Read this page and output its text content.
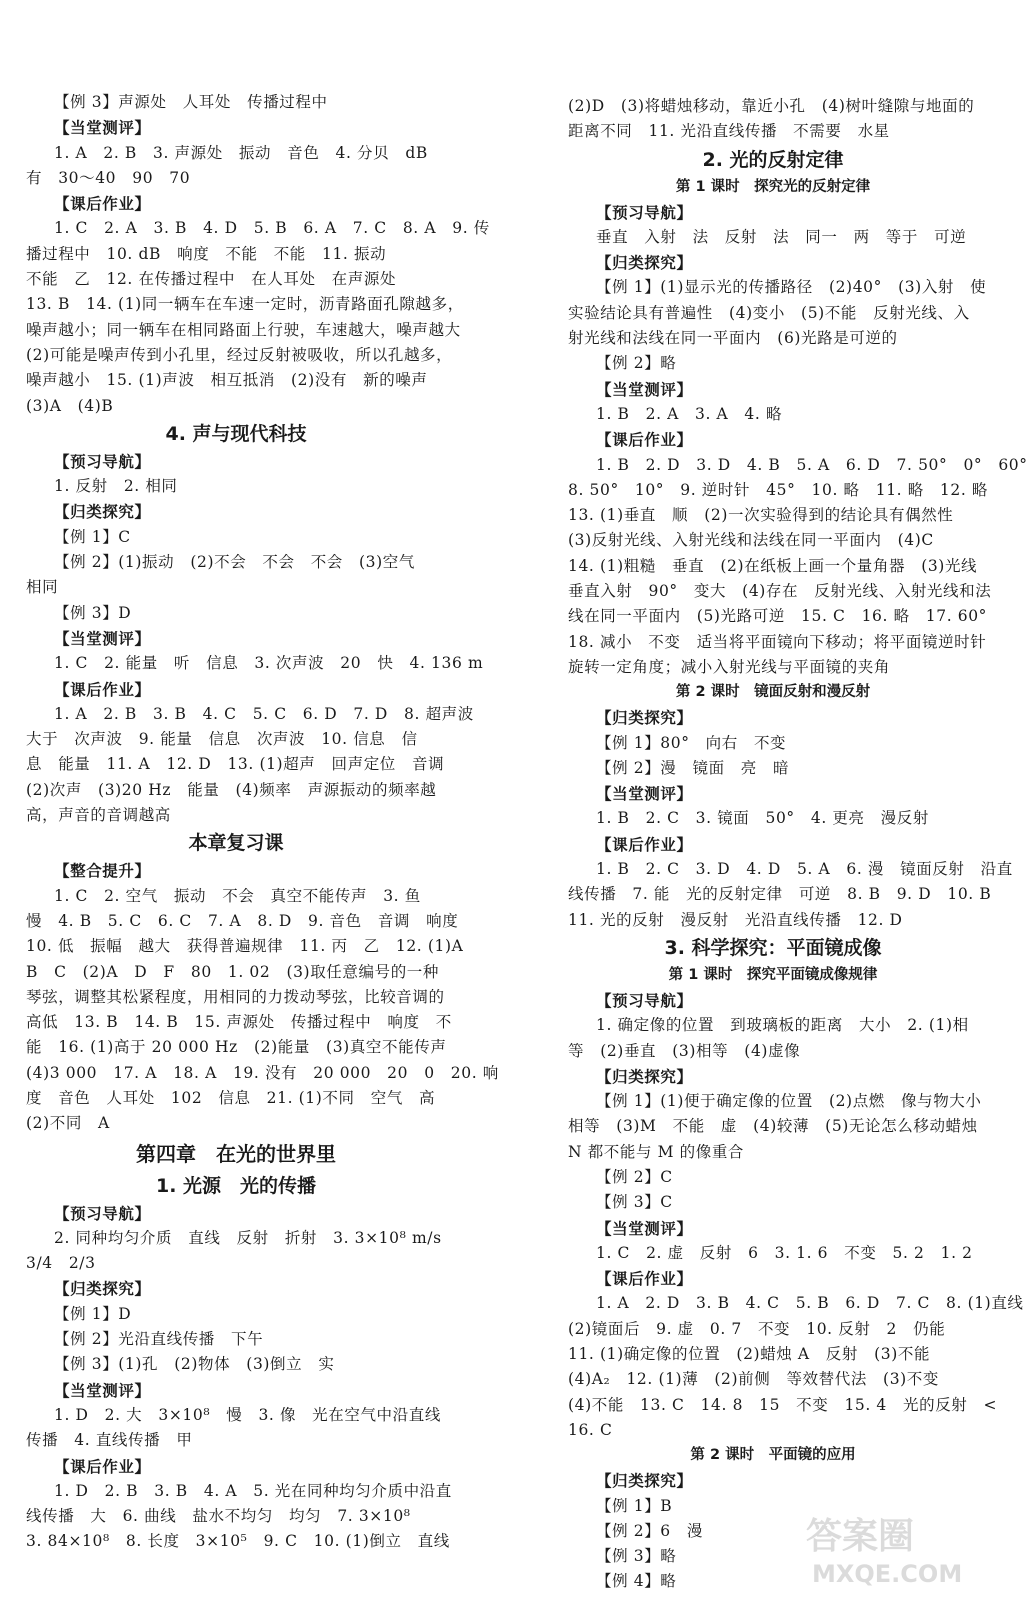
【例 3】声源处　人耳处　传播过程中
【当堂测评】
1. A　2. B　3. 声源处　振动　音色　4. 分贝　dB
有　30～40　90　70
【课后作业】
1. C　2. A　3. B　4. D　5. B　6. A　7. C　8. A　9. 传
播过程中　10. dB　响度　不能　不能　11. 振动
不能　乙　12. 在传播过程中　在人耳处　在声源处
13. B　14. (1)同一辆车在车速一定时，沥青路面孔隙越多，
噪声越小；同一辆车在相同路面上行驶，车速越大，噪声越大
(2)可能是噪声传到小孔里，经过反射被吸收，所以孔越多，
噪声越小　15. (1)声波　相互抵消　(2)没有　新的噪声
(3)A　(4)B
4. 声与现代科技
【预习导航】
1. 反射　2. 相同
【归类探究】
【例 1】C
【例 2】(1)振动　(2)不会　不会　不会　(3)空气
相同
【例 3】D
【当堂测评】
1. C　2. 能量　听　信息　3. 次声波　20　快　4. 136 m
【课后作业】
1. A　2. B　3. B　4. C　5. C　6. D　7. D　8. 超声波
大于　次声波　9. 能量　信息　次声波　10. 信息　信
息　能量　11. A　12. D　13. (1)超声　回声定位　音调
(2)次声　(3)20 Hz　能量　(4)频率　声源振动的频率越
高，声音的音调越高
本章复习课
【整合提升】
1. C　2. 空气　振动　不会　真空不能传声　3. 鱼
慢　4. B　5. C　6. C　7. A　8. D　9. 音色　音调　响度
10. 低　振幅　越大　获得普遍规律　11. 丙　乙　12. (1)A
B　C　(2)A　D　F　80　1. 02　(3)取任意编号的一种
琴弦，调整其松紧程度，用相同的力拨动琴弦，比较音调的
高低　13. B　14. B　15. 声源处　传播过程中　响度　不
能　16. (1)高于 20 000 Hz　(2)能量　(3)真空不能传声
(4)3 000　17. A　18. A　19. 没有　20 000　20　0　20. 响
度　音色　人耳处　102　信息　21. (1)不同　空气　高
(2)不同　A
第四章　在光的世界里
1. 光源　光的传播
【预习导航】
2. 同种均匀介质　直线　反射　折射　3. 3×10⁸ m/s
3/4　2/3
【归类探究】
【例 1】D
【例 2】光沿直线传播　下午
【例 3】(1)孔　(2)物体　(3)倒立　实
【当堂测评】
1. D　2. 大　3×10⁸　慢　3. 像　光在空气中沿直线
传播　4. 直线传播　甲
【课后作业】
1. D　2. B　3. B　4. A　5. 光在同种均匀介质中沿直
线传播　大　6. 曲线　盐水不均匀　均匀　7. 3×10⁸
3. 84×10⁸　8. 长度　3×10⁵　9. C　10. (1)倒立　直线
(2)D　(3)将蜡烛移动，靠近小孔　(4)树叶缝隙与地面的
距离不同　11. 光沿直线传播　不需要　水星
2. 光的反射定律
第 1 课时　探究光的反射定律
【预习导航】
垂直　入射　法　反射　法　同一　两　等于　可逆
【归类探究】
【例 1】(1)显示光的传播路径　(2)40°　(3)入射　使
实验结论具有普遍性　(4)变小　(5)不能　反射光线、入
射光线和法线在同一平面内　(6)光路是可逆的
【例 2】略
【当堂测评】
1. B　2. A　3. A　4. 略
【课后作业】
1. B　2. D　3. D　4. B　5. A　6. D　7. 50°　0°　60°
8. 50°　10°　9. 逆时针　45°　10. 略　11. 略　12. 略
13. (1)垂直　顺　(2)一次实验得到的结论具有偶然性
(3)反射光线、入射光线和法线在同一平面内　(4)C
14. (1)粗糙　垂直　(2)在纸板上画一个量角器　(3)光线
垂直入射　90°　变大　(4)存在　反射光线、入射光线和法
线在同一平面内　(5)光路可逆　15. C　16. 略　17. 60°
18. 减小　不变　适当将平面镜向下移动；将平面镜逆时针
旋转一定角度；减小入射光线与平面镜的夹角
第 2 课时　镜面反射和漫反射
【归类探究】
【例 1】80°　向右　不变
【例 2】漫　镜面　亮　暗
【当堂测评】
1. B　2. C　3. 镜面　50°　4. 更亮　漫反射
【课后作业】
1. B　2. C　3. D　4. D　5. A　6. 漫　镜面反射　沿直
线传播　7. 能　光的反射定律　可逆　8. B　9. D　10. B
11. 光的反射　漫反射　光沿直线传播　12. D
3. 科学探究：平面镜成像
第 1 课时　探究平面镜成像规律
【预习导航】
1. 确定像的位置　到玻璃板的距离　大小　2. (1)相
等　(2)垂直　(3)相等　(4)虚像
【归类探究】
【例 1】(1)便于确定像的位置　(2)点燃　像与物大小
相等　(3)M　不能　虚　(4)较薄　(5)无论怎么移动蜡烛
N 都不能与 M 的像重合
【例 2】C
【例 3】C
【当堂测评】
1. C　2. 虚　反射　6　3. 1. 6　不变　5. 2　1. 2
【课后作业】
1. A　2. D　3. B　4. C　5. B　6. D　7. C　8. (1)直线
(2)镜面后　9. 虚　0. 7　不变　10. 反射　2　仍能
11. (1)确定像的位置　(2)蜡烛 A　反射　(3)不能
(4)A₂　12. (1)薄　(2)前侧　等效替代法　(3)不变
(4)不能　13. C　14. 8　15　不变　15. 4　光的反射　<
16. C
第 2 课时　平面镜的应用
【归类探究】
【例 1】B
【例 2】6　漫
【例 3】略
【例 4】略
答案圈
MXQE.COM
